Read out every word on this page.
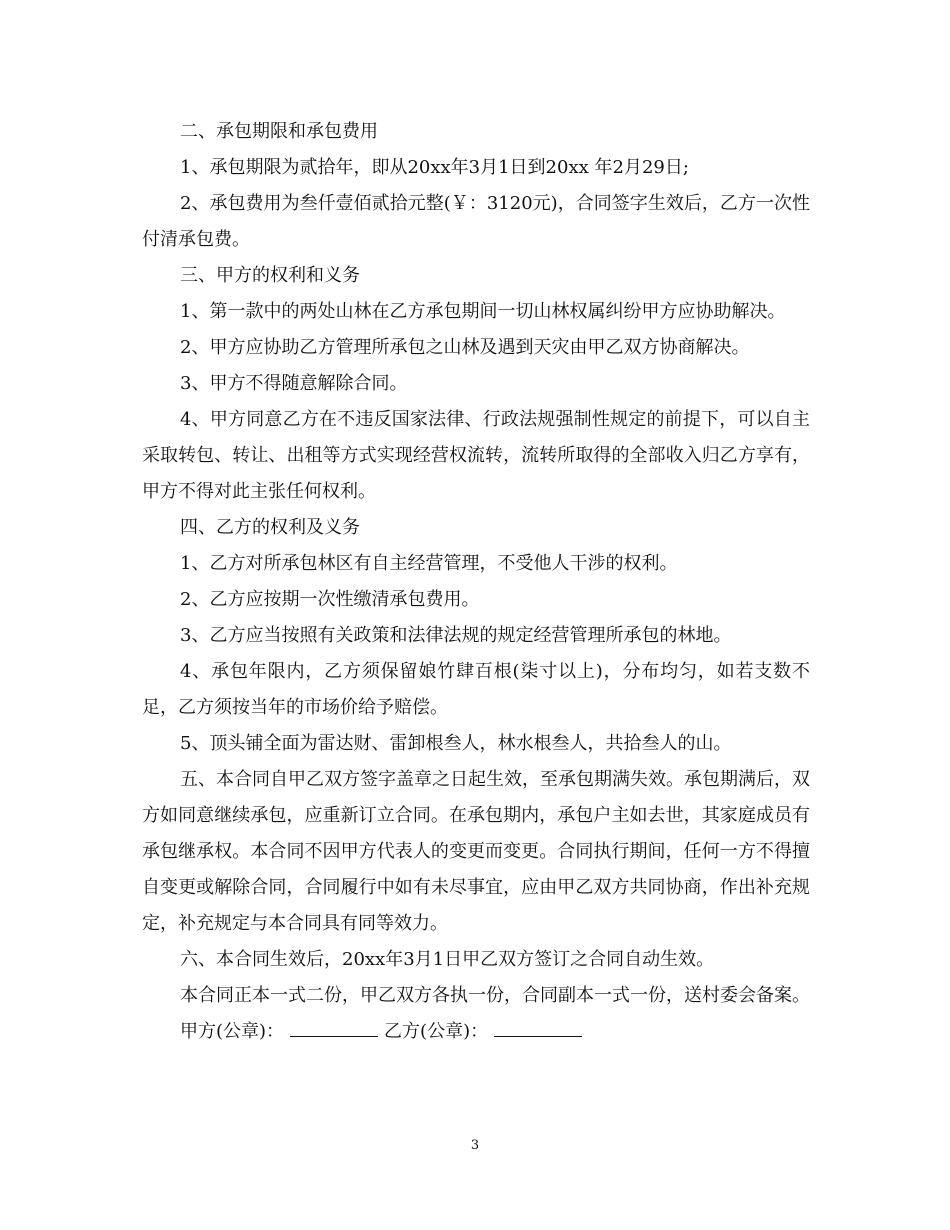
二、承包期限和承包费用

1、承包期限为贰拾年，即从20xx年3月1日到20xx 年2月29日;

2、承包费用为叁仟壹佰贰拾元整(￥：3120元)，合同签字生效后，乙方一次性付清承包费。

三、甲方的权利和义务

1、第一款中的两处山林在乙方承包期间一切山林权属纠纷甲方应协助解决。

2、甲方应协助乙方管理所承包之山林及遇到天灾由甲乙双方协商解决。

3、甲方不得随意解除合同。

4、甲方同意乙方在不违反国家法律、行政法规强制性规定的前提下，可以自主采取转包、转让、出租等方式实现经营权流转，流转所取得的全部收入归乙方享有，甲方不得对此主张任何权利。

四、乙方的权利及义务

1、乙方对所承包林区有自主经营管理，不受他人干涉的权利。

2、乙方应按期一次性缴清承包费用。

3、乙方应当按照有关政策和法律法规的规定经营管理所承包的林地。

4、承包年限内，乙方须保留娘竹肆百根(柒寸以上)，分布均匀，如若支数不足，乙方须按当年的市场价给予赔偿。

5、顶头铺全面为雷达财、雷卸根叁人，林水根叁人，共拾叁人的山。

五、本合同自甲乙双方签字盖章之日起生效，至承包期满失效。承包期满后，双方如同意继续承包，应重新订立合同。在承包期内，承包户主如去世，其家庭成员有承包继承权。本合同不因甲方代表人的变更而变更。合同执行期间，任何一方不得擅自变更或解除合同，合同履行中如有未尽事宜，应由甲乙双方共同协商，作出补充规定，补充规定与本合同具有同等效力。

六、本合同生效后，20xx年3月1日甲乙双方签订之合同自动生效。

本合同正本一式二份，甲乙双方各执一份，合同副本一式一份，送村委会备案。

甲方(公章)：	乙方(公章)：

3
